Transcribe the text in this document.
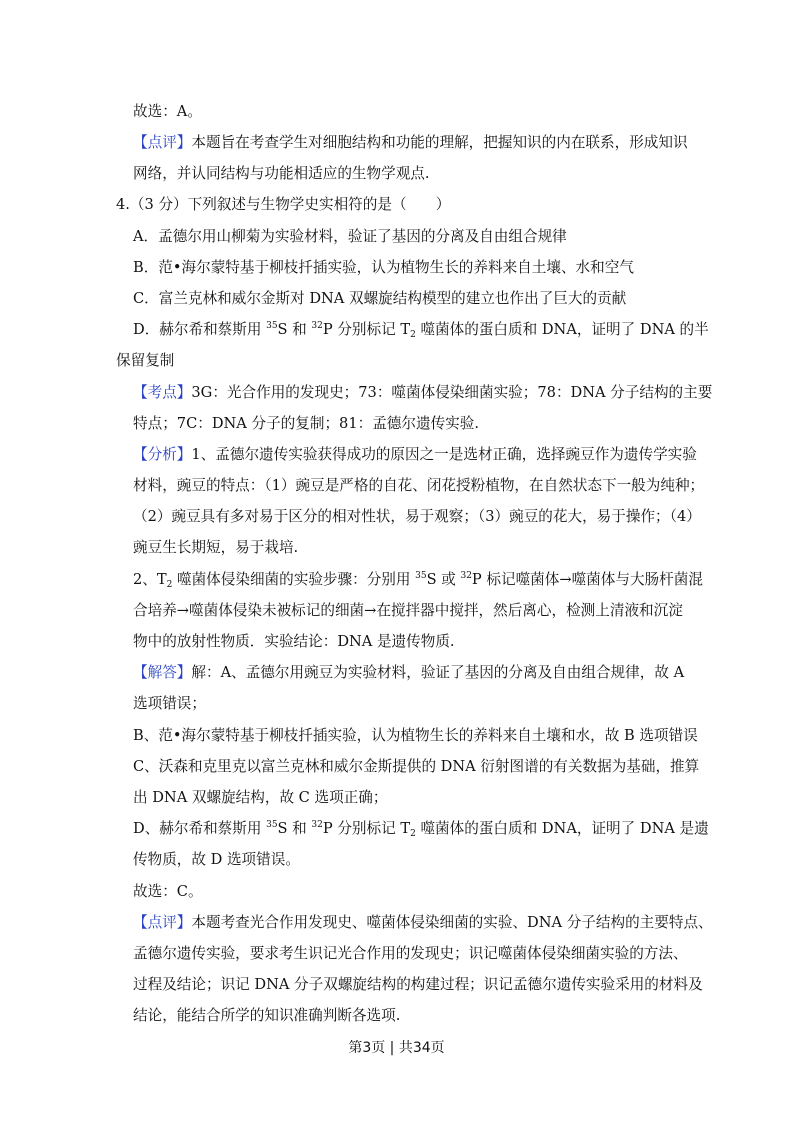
故选：A。
【点评】本题旨在考查学生对细胞结构和功能的理解，把握知识的内在联系，形成知识
网络，并认同结构与功能相适应的生物学观点.
4.（3 分）下列叙述与生物学史实相符的是（　　）
A．孟德尔用山柳菊为实验材料，验证了基因的分离及自由组合规律
B．范•海尔蒙特基于柳枝扦插实验，认为植物生长的养料来自土壤、水和空气
C．富兰克林和威尔金斯对 DNA 双螺旋结构模型的建立也作出了巨大的贡献
D．赫尔希和蔡斯用 $^{35}$S 和 $^{32}$P 分别标记 $T_2$ 噬菌体的蛋白质和 DNA，证明了 DNA 的半
保留复制
【考点】3G：光合作用的发现史；73：噬菌体侵染细菌实验；78：DNA 分子结构的主要
特点；7C：DNA 分子的复制；81：孟德尔遗传实验.
【分析】1、孟德尔遗传实验获得成功的原因之一是选材正确，选择豌豆作为遗传学实验
材料，豌豆的特点：（1）豌豆是严格的自花、闭花授粉植物，在自然状态下一般为纯种；
（2）豌豆具有多对易于区分的相对性状，易于观察；（3）豌豆的花大，易于操作；（4）
豌豆生长期短，易于栽培.
2、$T_2$ 噬菌体侵染细菌的实验步骤：分别用 $^{35}$S 或 $^{32}$P 标记噬菌体→噬菌体与大肠杆菌混
合培养→噬菌体侵染未被标记的细菌→在搅拌器中搅拌，然后离心，检测上清液和沉淀
物中的放射性物质．实验结论：DNA 是遗传物质.
【解答】解：A、孟德尔用豌豆为实验材料，验证了基因的分离及自由组合规律，故 A
选项错误；
B、范•海尔蒙特基于柳枝扦插实验，认为植物生长的养料来自土壤和水，故 B 选项错误
C、沃森和克里克以富兰克林和威尔金斯提供的 DNA 衍射图谱的有关数据为基础，推算
出 DNA 双螺旋结构，故 C 选项正确；
D、赫尔希和蔡斯用 $^{35}$S 和 $^{32}$P 分别标记 $T_2$ 噬菌体的蛋白质和 DNA，证明了 DNA 是遗
传物质，故 D 选项错误。
故选：C。
【点评】本题考查光合作用发现史、噬菌体侵染细菌的实验、DNA 分子结构的主要特点、
孟德尔遗传实验，要求考生识记光合作用的发现史；识记噬菌体侵染细菌实验的方法、
过程及结论；识记 DNA 分子双螺旋结构的构建过程；识记孟德尔遗传实验采用的材料及
结论，能结合所学的知识准确判断各选项.
第3页 | 共34页
